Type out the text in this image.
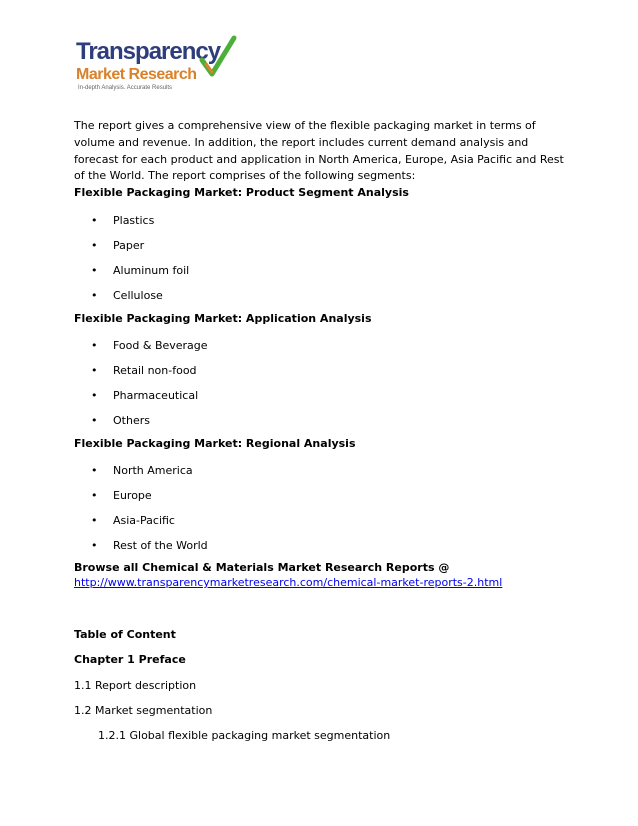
Transparency
Market Research
In-depth Analysis. Accurate Results

The report gives a comprehensive view of the flexible packaging market in terms of volume and revenue. In addition, the report includes current demand analysis and forecast for each product and application in North America, Europe, Asia Pacific and Rest of the World. The report comprises of the following segments:

Flexible Packaging Market: Product Segment Analysis

• Plastics

• Paper

• Aluminum foil

• Cellulose

Flexible Packaging Market: Application Analysis

• Food & Beverage

• Retail non-food

• Pharmaceutical

• Others

Flexible Packaging Market: Regional Analysis

• North America

• Europe

• Asia-Pacific

• Rest of the World

Browse all Chemical & Materials Market Research Reports @

http://www.transparencymarketresearch.com/chemical-market-reports-2.html

Table of Content

Chapter 1 Preface

1.1 Report description

1.2 Market segmentation

1.2.1 Global flexible packaging market segmentation
